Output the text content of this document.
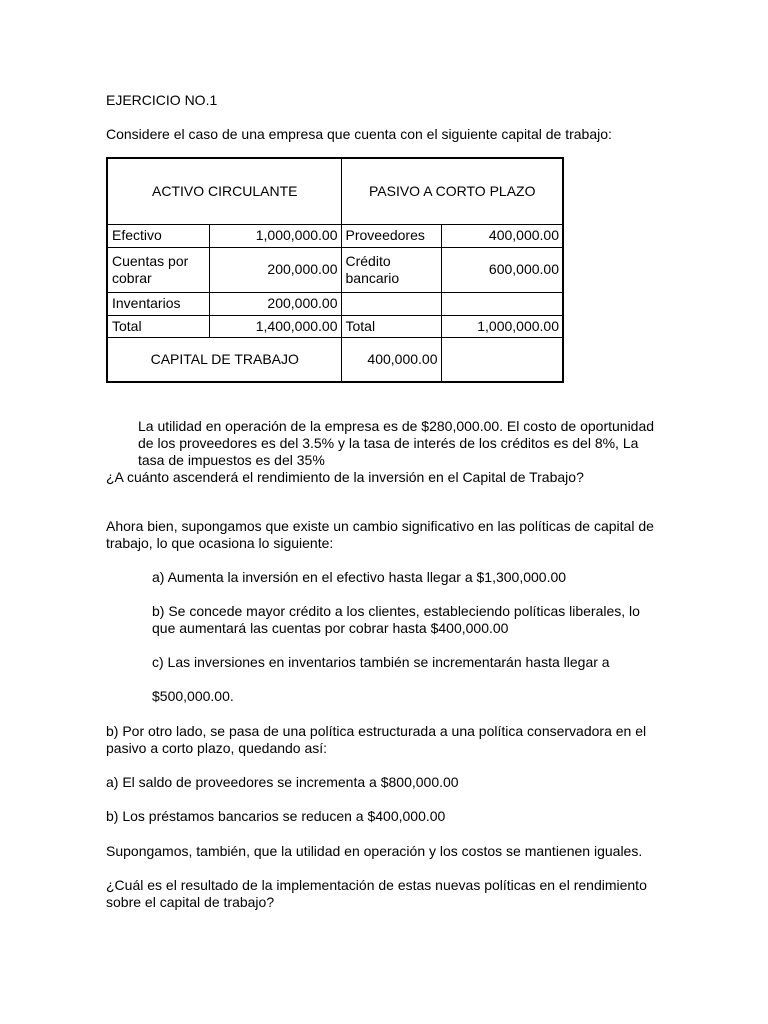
EJERCICIO NO.1

Considere el caso de una empresa que cuenta con el siguiente capital de trabajo:

ACTIVO CIRCULANTE		PASIVO A CORTO PLAZO	
Efectivo	1,000,000.00	Proveedores	400,000.00
Cuentas por cobrar	200,000.00	Crédito bancario	600,000.00
Inventarios	200,000.00		
Total	1,400,000.00	Total	1,000,000.00
CAPITAL DE TRABAJO		400,000.00	
La utilidad en operación de la empresa es de $280,000.00. El costo de oportunidad de los proveedores es del 3.5% y la tasa de interés de los créditos es del 8%, La tasa de impuestos es del 35%
¿A cuánto ascenderá el rendimiento de la inversión en el Capital de Trabajo?

Ahora bien, supongamos que existe un cambio significativo en las políticas de capital de trabajo, lo que ocasiona lo siguiente:

a) Aumenta la inversión en el efectivo hasta llegar a $1,300,000.00

b) Se concede mayor crédito a los clientes, estableciendo políticas liberales, lo que aumentará las cuentas por cobrar hasta $400,000.00

c) Las inversiones en inventarios también se incrementarán hasta llegar a

$500,000.00.

b) Por otro lado, se pasa de una política estructurada a una política conservadora en el pasivo a corto plazo, quedando así:

a) El saldo de proveedores se incrementa a $800,000.00

b) Los préstamos bancarios se reducen a $400,000.00

Supongamos, también, que la utilidad en operación y los costos se mantienen iguales.

¿Cuál es el resultado de la implementación de estas nuevas políticas en el rendimiento sobre el capital de trabajo?
